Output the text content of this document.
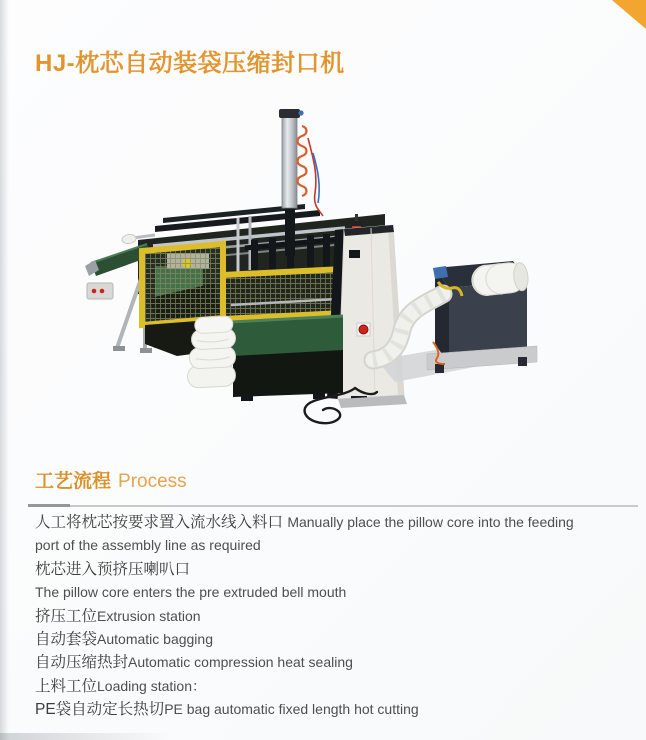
HJ-枕芯自动装袋压缩封口机
工艺流程 Process
人工将枕芯按要求置入流水线入料口 Manually place the pillow core into the feeding
port of the assembly line as required
枕芯进入预挤压喇叭口
The pillow core enters the pre extruded bell mouth
挤压工位Extrusion station
自动套袋Automatic bagging
自动压缩热封Automatic compression heat sealing
上料工位Loading station：
PE袋自动定长热切PE bag automatic fixed length hot cutting
